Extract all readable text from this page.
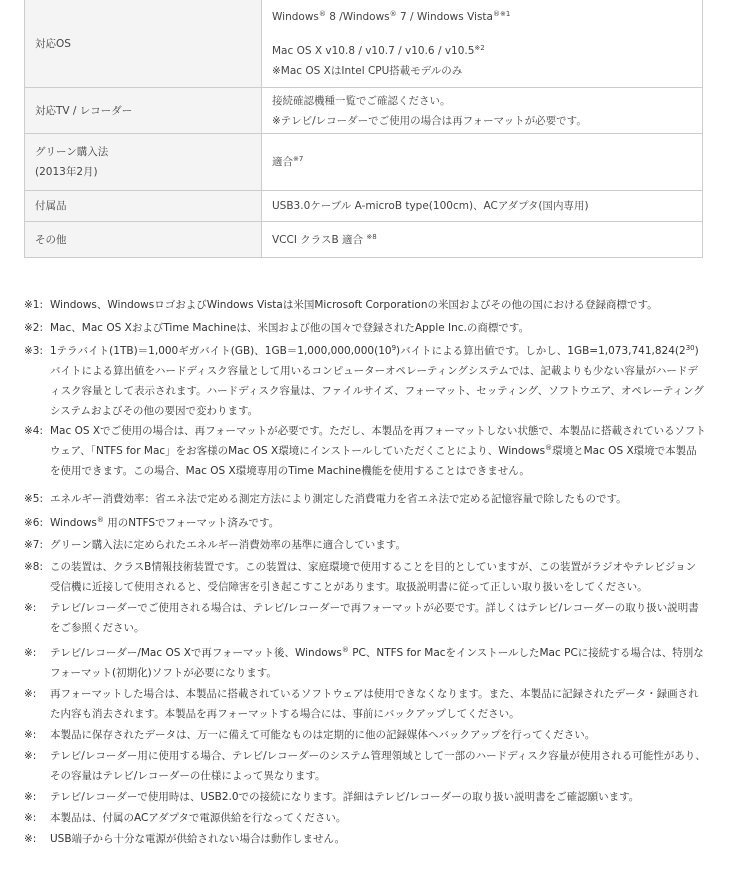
対応OS	Windows® 8 /Windows® 7 / Windows Vista$^{®※1}$
Mac OS X v10.8 / v10.7 / v10.6 / v10.5$^{※2}$
※Mac OS XはIntel CPU搭載モデルのみ

対応TV / レコーダー	接続確認機種一覧でご確認ください。
※テレビ/レコーダーでご使用の場合は再フォーマットが必要です。

グリーン購入法
(2013年2月)	適合$^{※7}$
付属品	USB3.0ケーブル A-microB type(100cm)、ACアダプタ(国内専用)
その他	VCCI クラスB 適合 $^{※8}$
※1: Windows、WindowsロゴおよびWindows Vistaは米国Microsoft Corporationの米国およびその他の国における登録商標です。
※2: Mac、Mac OS XおよびTime Machineは、米国および他の国々で登録されたApple Inc.の商標です。
※3: 1テラバイト(1TB)＝1,000ギガバイト(GB)、$1GB=1,000,000,000(10^9)$バイトによる算出値です。しかし、$1GB=1,073,741,824(2^{30})$バイトによる算出値をハードディスク容量として用いるコンピューターオペレーティングシステムでは、記載よりも少ない容量がハードディスク容量として表示されます。ハードディスク容量は、ファイルサイズ、フォーマット、セッティング、ソフトウエア、オペレーティングシステムおよびその他の要因で変わります。
※4: Mac OS Xでご使用の場合は、再フォーマットが必要です。ただし、本製品を再フォーマットしない状態で、本製品に搭載されているソフトウェア、「NTFS for Mac」をお客様のMac OS X環境にインストールしていただくことにより、Windows®環境とMac OS X環境で本製品を使用できます。この場合、Mac OS X環境専用のTime Machine機能を使用することはできません。
※5: エネルギー消費効率：省エネ法で定める測定方法により測定した消費電力を省エネ法で定める記憶容量で除したものです。
※6: Windows® 用のNTFSでフォーマット済みです。
※7: グリーン購入法に定められたエネルギー消費効率の基準に適合しています。
※8: この装置は、クラスB情報技術装置です。この装置は、家庭環境で使用することを目的としていますが、この装置がラジオやテレビジョン受信機に近接して使用されると、受信障害を引き起こすことがあります。取扱説明書に従って正しい取り扱いをしてください。
※: テレビ/レコーダーでご使用される場合は、テレビ/レコーダーで再フォーマットが必要です。詳しくはテレビ/レコーダーの取り扱い説明書をご参照ください。
※: テレビ/レコーダー/Mac OS Xで再フォーマット後、Windows® PC、NTFS for MacをインストールしたMac PCに接続する場合は、特別なフォーマット(初期化)ソフトが必要になります。
※: 再フォーマットした場合は、本製品に搭載されているソフトウェアは使用できなくなります。また、本製品に記録されたデータ・録画された内容も消去されます。本製品を再フォーマットする場合には、事前にバックアップしてください。
※: 本製品に保存されたデータは、万一に備えて可能なものは定期的に他の記録媒体へバックアップを行ってください。
※: テレビ/レコーダー用に使用する場合、テレビ/レコーダーのシステム管理領域として一部のハードディスク容量が使用される可能性があり、その容量はテレビ/レコーダーの仕様によって異なります。
※: テレビ/レコーダーで使用時は、USB2.0での接続になります。詳細はテレビ/レコーダーの取り扱い説明書をご確認願います。
※: 本製品は、付属のACアダプタで電源供給を行なってください。
※: USB端子から十分な電源が供給されない場合は動作しません。
